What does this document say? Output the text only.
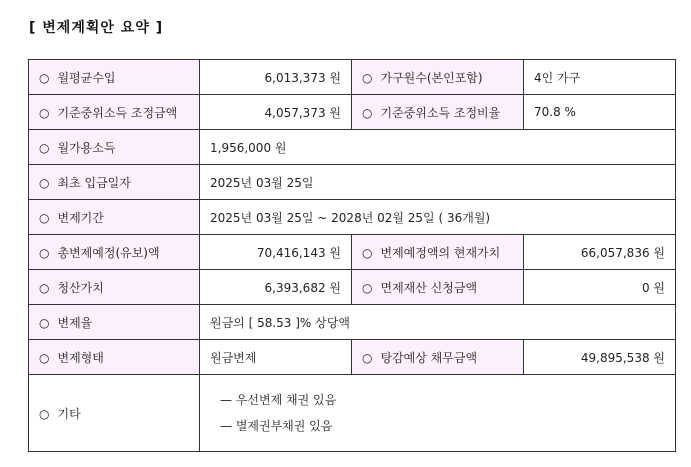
[ 변제계획안 요약 ]
○ 월평균수입	6,013,373 원	○ 가구원수(본인포함)	4인 가구
○ 기준중위소득 조정금액	4,057,373 원	○ 기준중위소득 조정비율	70.8 %
○ 월가용소득	1,956,000 원		
○ 최초 입금일자	2025년 03월 25일		
○ 변제기간	2025년 03월 25일 ~ 2028년 02월 25일 ( 36개월)		
○ 총변제예정(유보)액	70,416,143 원	○ 변제예정액의 현재가치	66,057,836 원
○ 청산가치	6,393,682 원	○ 면제재산 신청금액	0 원
○ 변제율	원금의 [ 58.53 ]% 상당액		
○ 변제형태	원금변제	○ 탕감예상 채무금액	49,895,538 원
○ 기타	— 우선변제 채권 있음
— 별제권부채권 있음		
